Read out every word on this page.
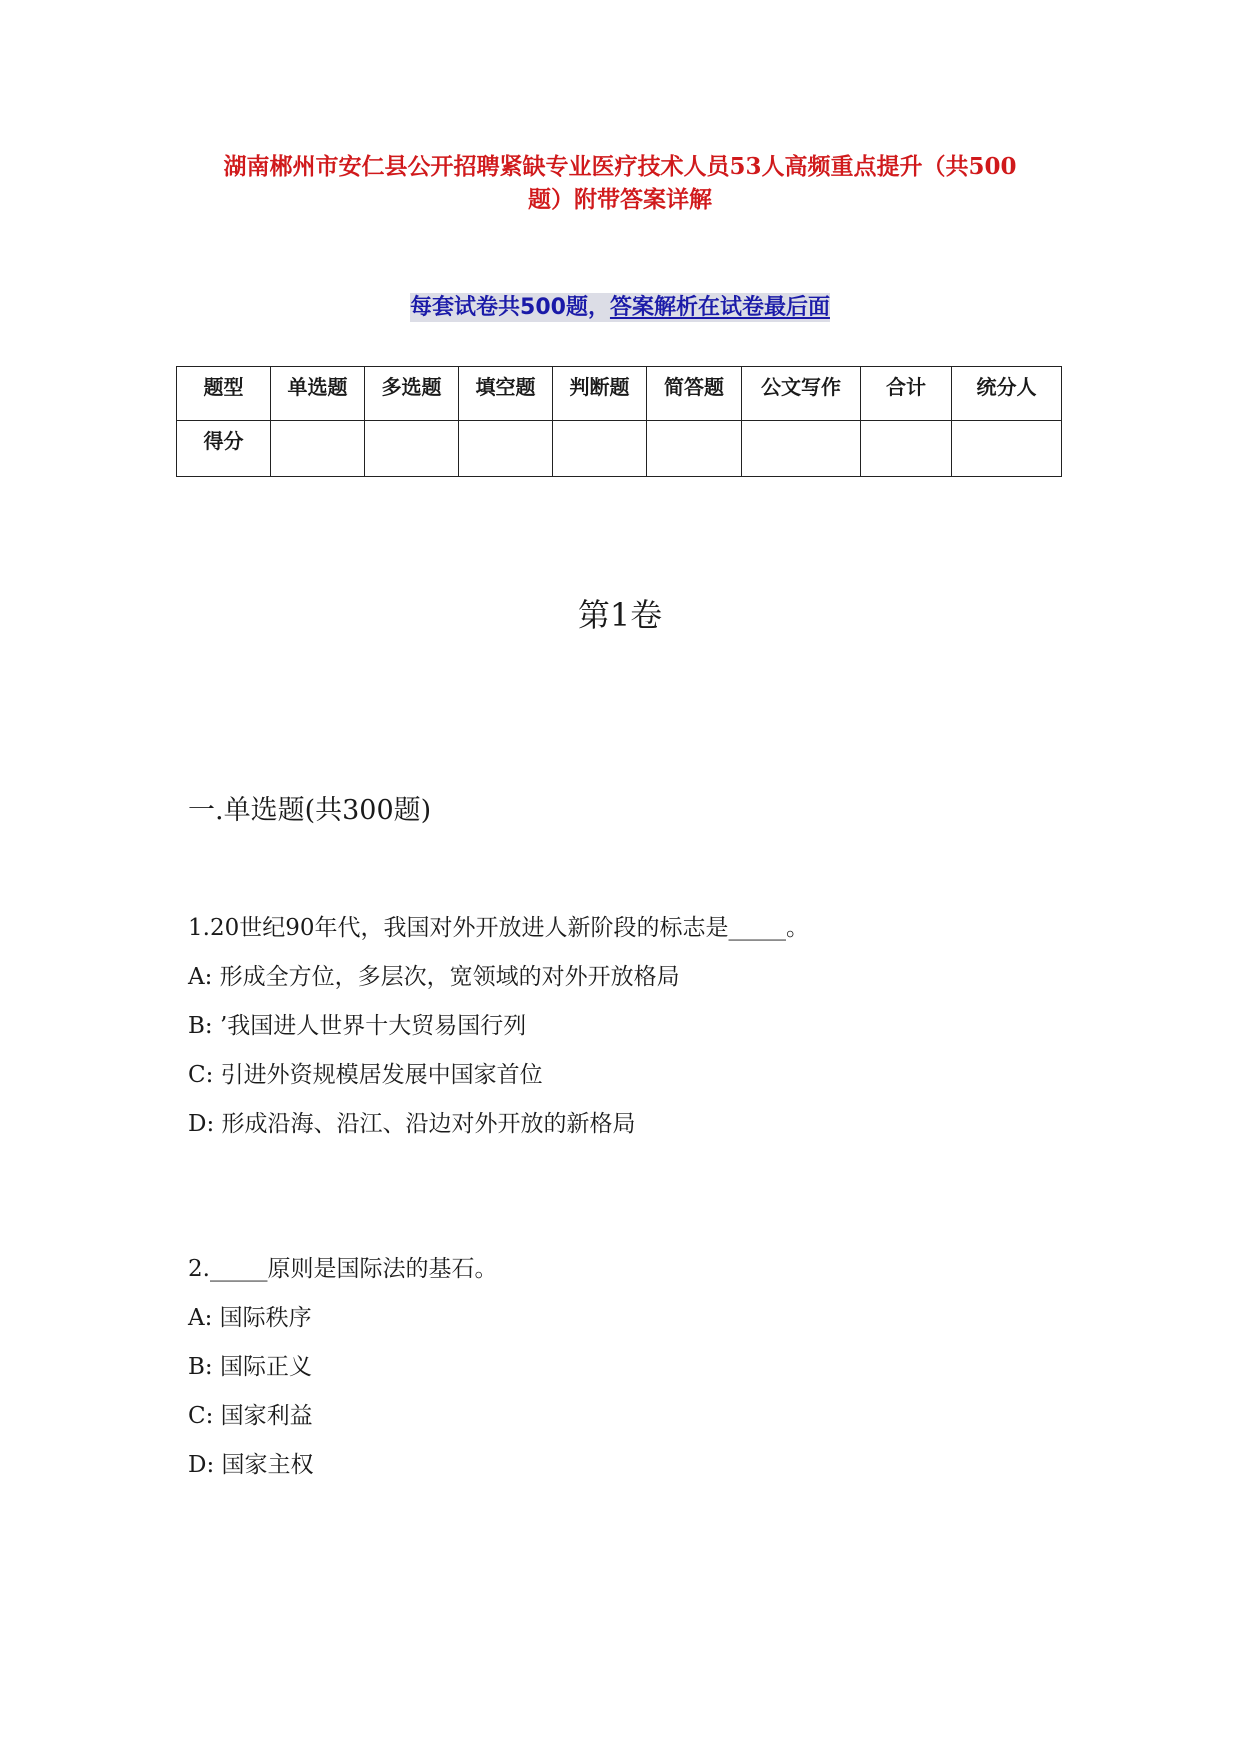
湖南郴州市安仁县公开招聘紧缺专业医疗技术人员53人高频重点提升（共500
题）附带答案详解
每套试卷共500题，答案解析在试卷最后面
题型	单选题	多选题	填空题	判断题	简答题	公文写作	合计	统分人
得分								
第1卷
一.单选题(共300题)
1.20世纪90年代，我国对外开放进人新阶段的标志是_____。
A: 形成全方位，多层次，宽领域的对外开放格局
B: ’我国进人世界十大贸易国行列
C: 引进外资规模居发展中国家首位
D: 形成沿海、沿江、沿边对外开放的新格局
2._____原则是国际法的基石。
A: 国际秩序
B: 国际正义
C: 国家利益
D: 国家主权
